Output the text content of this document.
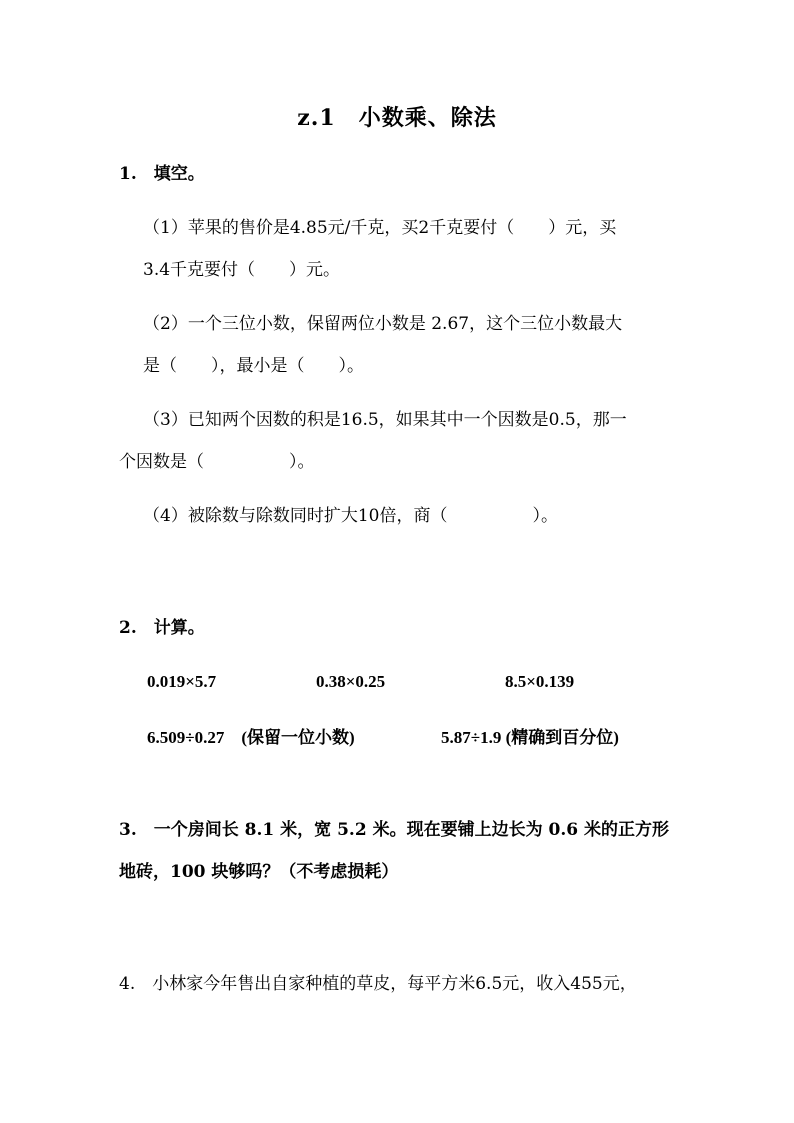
z.1　小数乘、除法
1.　填空。
（1）苹果的售价是4.85元/千克，买2千克要付（　　）元，买
3.4千克要付（　　）元。
（2）一个三位小数，保留两位小数是 2.67，这个三位小数最大
是（　　），最小是（　　）。
（3）已知两个因数的积是16.5，如果其中一个因数是0.5，那一
个因数是（　　　　　）。
（4）被除数与除数同时扩大10倍，商（　　　　　）。
2.　计算。
0.019×5.7	0.38×0.25	8.5×0.139
6.509÷0.27　(保留一位小数)	5.87÷1.9 (精确到百分位)
3.　一个房间长 8.1 米，宽 5.2 米。现在要铺上边长为 0.6 米的正方形
地砖，100 块够吗？（不考虑损耗）
4.　小林家今年售出自家种植的草皮，每平方米6.5元，收入455元，
